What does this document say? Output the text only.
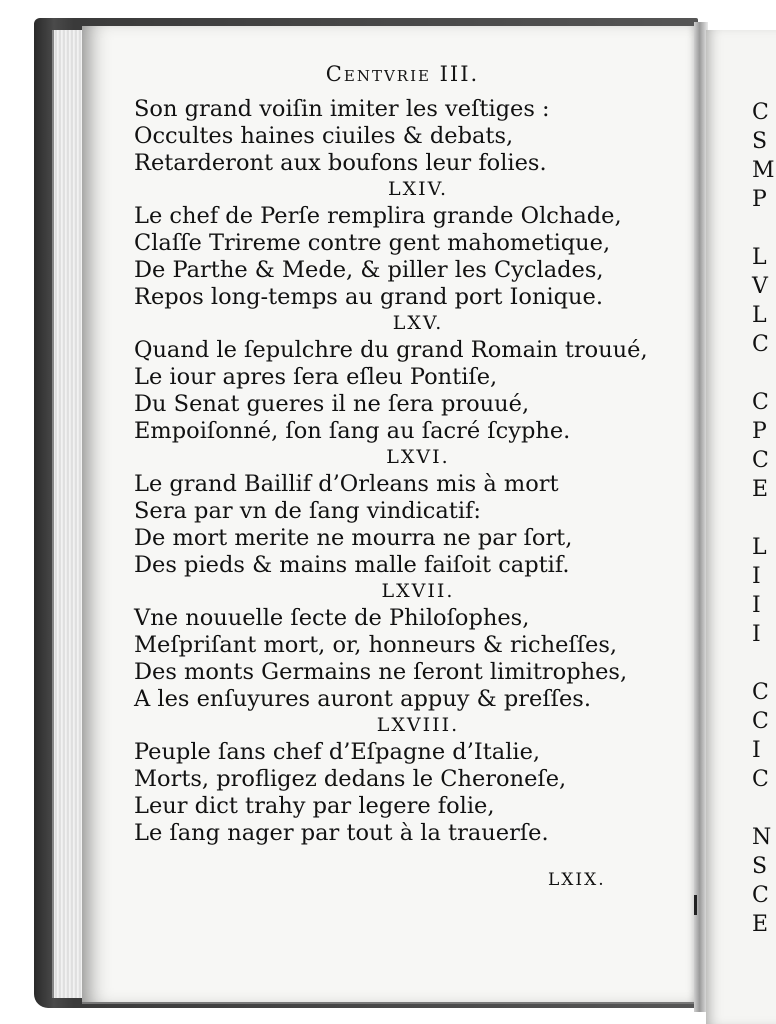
Centvrie III.
Son grand voiſin imiter les veſtiges :
Occultes haines ciuiles & debats,
Retarderont aux boufons leur folies.
LXIV.
Le chef de Perſe remplira grande Olchade,
Claſſe Trireme contre gent mahometique,
De Parthe & Mede, & piller les Cyclades,
Repos long-temps au grand port Ionique.
LXV.
Quand le ſepulchre du grand Romain trouué,
Le iour apres ſera eſleu Pontiſe,
Du Senat gueres il ne ſera prouué,
Empoiſonné, ſon ſang au ſacré ſcyphe.
LXVI.
Le grand Baillif d’Orleans mis à mort
Sera par vn de ſang vindicatif:
De mort merite ne mourra ne par ſort,
Des pieds & mains malle faiſoit captif.
LXVII.
Vne nouuelle ſecte de Philoſophes,
Meſpriſant mort, or, honneurs & richeſſes,
Des monts Germains ne ſeront limitrophes,
A les enſuyures auront appuy & preſſes.
LXVIII.
Peuple ſans chef d’Eſpagne d’Italie,
Morts, profligez dedans le Cheroneſe,
Leur dict trahy par legere folie,
Le ſang nager par tout à la trauerſe.
LXIX.
C
S
M
P
L
V
L
C
C
P
C
E
L
I
I
I
C
C
I
C
N
S
C
E
